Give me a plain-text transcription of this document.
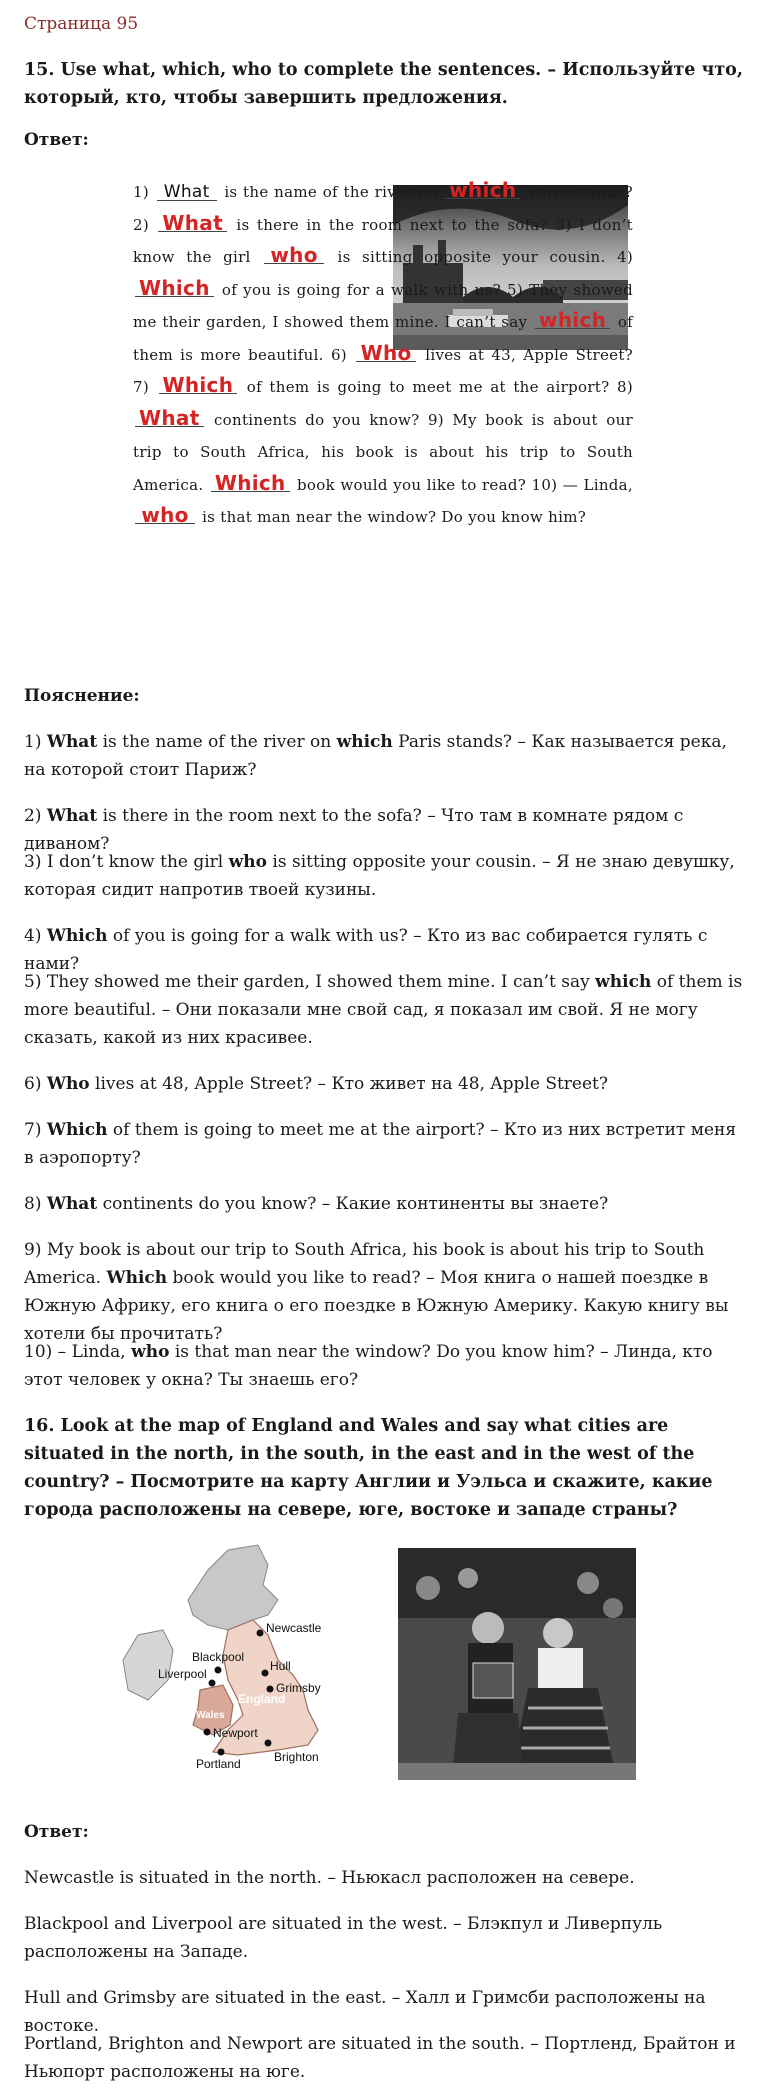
Страница 95
15. Use what, which, who to complete the sentences. – Используйте что, который, кто, чтобы завершить предложения.
Ответ:
1) What is the name of the river on which Paris stands? 2) What is there in the room next to the sofa? 3) I don’t know the girl who is sitting opposite your cousin. 4) Which of you is going for a walk with us? 5) They showed me their garden, I showed them mine. I can’t say which of them is more beautiful. 6) Who lives at 43, Apple Street? 7) Which of them is going to meet me at the airport? 8) What continents do you know? 9) My book is about our trip to South Africa, his book is about his trip to South America. Which book would you like to read? 10) — Linda, who is that man near the window? Do you know him?
Пояснение:

1) What is the name of the river on which Paris stands? – Как называется река, на которой стоит Париж?

2) What is there in the room next to the sofa? – Что там в комнате рядом с диваном?

3) I don’t know the girl who is sitting opposite your cousin. – Я не знаю девушку, которая сидит напротив твоей кузины.

4) Which of you is going for a walk with us? – Кто из вас собирается гулять с нами?

5) They showed me their garden, I showed them mine. I can’t say which of them is more beautiful. – Они показали мне свой сад, я показал им свой. Я не могу сказать, какой из них красивее.

6) Who lives at 48, Apple Street? – Кто живет на 48, Apple Street?

7) Which of them is going to meet me at the airport? – Кто из них встретит меня в аэропорту?

8) What continents do you know? – Какие континенты вы знаете?

9) My book is about our trip to South Africa, his book is about his trip to South America. Which book would you like to read? – Моя книга о нашей поездке в Южную Африку, его книга о его поездке в Южную Америку. Какую книгу вы хотели бы прочитать?

10) – Linda, who is that man near the window? Do you know him? – Линда, кто этот человек у окна? Ты знаешь его?

16. Look at the map of England and Wales and say what cities are situated in the north, in the south, in the east and in the west of the country? – Посмотрите на карту Англии и Уэльса и скажите, какие города расположены на севере, юге, востоке и западе страны?

Newcastle
Blackpool
Liverpool
Hull
Grimsby
England
Wales
Newport
Portland	Brighton
Ответ:

Newcastle is situated in the north. – Ньюкасл расположен на севере.

Blackpool and Liverpool are situated in the west. – Блэкпул и Ливерпуль расположены на Западе.

Hull and Grimsby are situated in the east. – Халл и Гримсби расположены на востоке.

Portland, Brighton and Newport are situated in the south. – Портленд, Брайтон и Ньюпорт расположены на юге.
